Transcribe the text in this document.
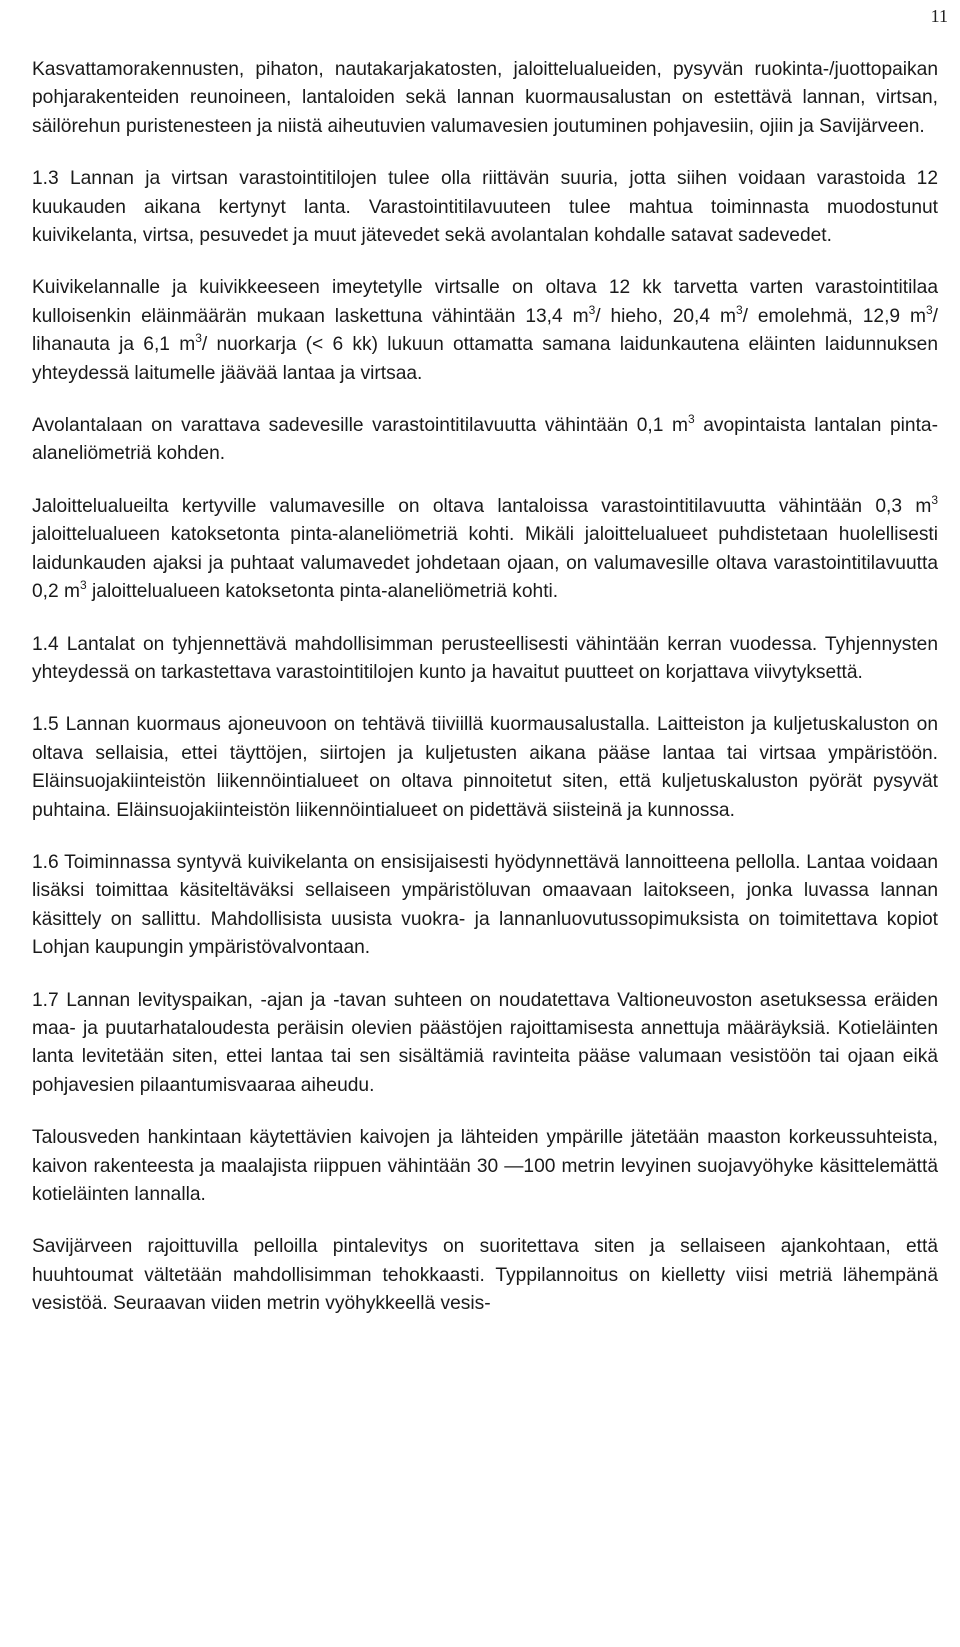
11

Kasvattamorakennusten, pihaton, nautakarjakatosten, jaloittelualueiden, pysyvän ruokinta-/juottopaikan pohjarakenteiden reunoineen, lantaloiden sekä lannan kuormausalustan on estettävä lannan, virtsan, säilörehun puristenesteen ja niistä aiheutuvien valumavesien joutuminen pohjavesiin, ojiin ja Savijärveen.

1.3 Lannan ja virtsan varastointitilojen tulee olla riittävän suuria, jotta siihen voidaan varastoida 12 kuukauden aikana kertynyt lanta. Varastointitilavuuteen tulee mahtua toiminnasta muodostunut kuivikelanta, virtsa, pesuvedet ja muut jätevedet sekä avolantalan kohdalle satavat sadevedet.

Kuivikelannalle ja kuivikkeeseen imeytetylle virtsalle on oltava 12 kk tarvetta varten varastointitilaa kulloisenkin eläinmäärän mukaan laskettuna vähintään 13,4 $m^3/$ hieho, 20,4 $m^3/$ emolehmä, 12,9 $m^3/$ lihanauta ja 6,1 $m^3/$ nuorkarja (< 6 kk) lukuun ottamatta samana laidunkautena eläinten laidunnuksen yhteydessä laitumelle jäävää lantaa ja virtsaa.

Avolantalaan on varattava sadevesille varastointitilavuutta vähintään 0,1 $m^3$ avopintaista lantalan pinta-alaneliömetriä kohden.

Jaloittelualueilta kertyville valumavesille on oltava lantaloissa varastointitilavuutta vähintään 0,3 $m^3$ jaloittelualueen katoksetonta pinta-alaneliömetriä kohti. Mikäli jaloittelualueet puhdistetaan huolellisesti laidunkauden ajaksi ja puhtaat valumavedet johdetaan ojaan, on valumavesille oltava varastointitilavuutta 0,2 $m^3$ jaloittelualueen katoksetonta pinta-alaneliömetriä kohti.

1.4 Lantalat on tyhjennettävä mahdollisimman perusteellisesti vähintään kerran vuodessa. Tyhjennysten yhteydessä on tarkastettava varastointitilojen kunto ja havaitut puutteet on korjattava viivytyksettä.

1.5 Lannan kuormaus ajoneuvoon on tehtävä tiiviillä kuormausalustalla. Laitteiston ja kuljetuskaluston on oltava sellaisia, ettei täyttöjen, siirtojen ja kuljetusten aikana pääse lantaa tai virtsaa ympäristöön. Eläinsuojakiinteistön liikennöintialueet on oltava pinnoitetut siten, että kuljetuskaluston pyörät pysyvät puhtaina. Eläinsuojakiinteistön liikennöintialueet on pidettävä siisteinä ja kunnossa.

1.6 Toiminnassa syntyvä kuivikelanta on ensisijaisesti hyödynnettävä lannoitteena pellolla. Lantaa voidaan lisäksi toimittaa käsiteltäväksi sellaiseen ympäristöluvan omaavaan laitokseen, jonka luvassa lannan käsittely on sallittu. Mahdollisista uusista vuokra- ja lannanluovutussopimuksista on toimitettava kopiot Lohjan kaupungin ympäristövalvontaan.

1.7 Lannan levityspaikan, -ajan ja -tavan suhteen on noudatettava Valtioneuvoston asetuksessa eräiden maa- ja puutarhataloudesta peräisin olevien päästöjen rajoittamisesta annettuja määräyksiä. Kotieläinten lanta levitetään siten, ettei lantaa tai sen sisältämiä ravinteita pääse valumaan vesistöön tai ojaan eikä pohjavesien pilaantumisvaaraa aiheudu.

Talousveden hankintaan käytettävien kaivojen ja lähteiden ympärille jätetään maaston korkeussuhteista, kaivon rakenteesta ja maalajista riippuen vähintään 30 —100 metrin levyinen suojavyöhyke käsittelemättä kotieläinten lannalla.

Savijärveen rajoittuvilla pelloilla pintalevitys on suoritettava siten ja sellaiseen ajankohtaan, että huuhtoumat vältetään mahdollisimman tehokkaasti. Typpilannoitus on kielletty viisi metriä lähempänä vesistöä. Seuraavan viiden metrin vyöhykkeellä vesis-
